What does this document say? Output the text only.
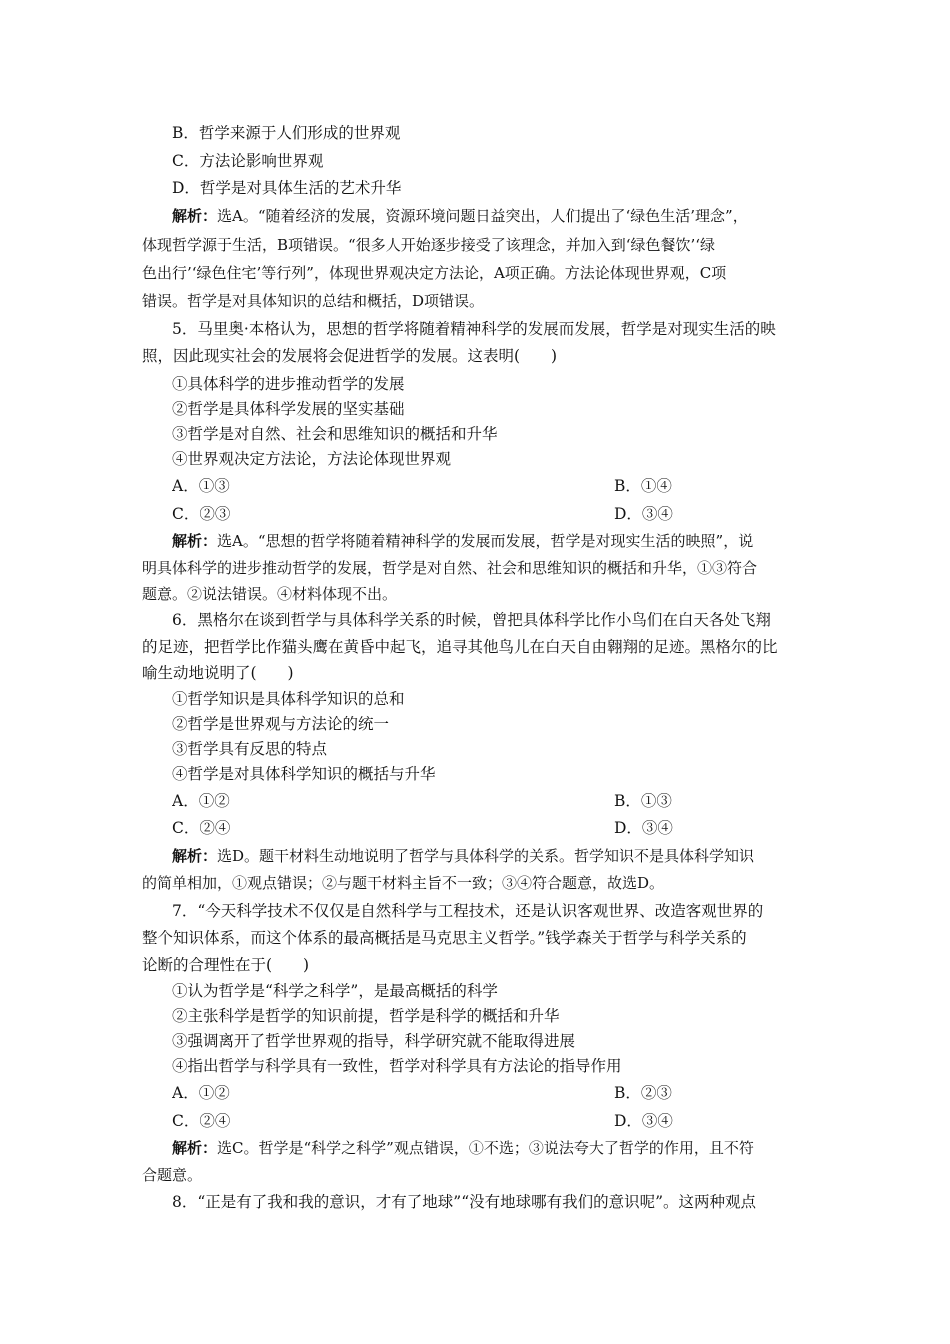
B．哲学来源于人们形成的世界观
C．方法论影响世界观
D．哲学是对具体生活的艺术升华
解析：选A。“随着经济的发展，资源环境问题日益突出，人们提出了‘绿色生活’理念”，
体现哲学源于生活，B项错误。“很多人开始逐步接受了该理念，并加入到‘绿色餐饮’‘绿
色出行’‘绿色住宅’等行列”，体现世界观决定方法论，A项正确。方法论体现世界观，C项
错误。哲学是对具体知识的总结和概括，D项错误。
5．马里奥·本格认为，思想的哲学将随着精神科学的发展而发展，哲学是对现实生活的映
照，因此现实社会的发展将会促进哲学的发展。这表明(　　)
①具体科学的进步推动哲学的发展
②哲学是具体科学发展的坚实基础
③哲学是对自然、社会和思维知识的概括和升华
④世界观决定方法论，方法论体现世界观
A．①③	B．①④
C．②③	D．③④
解析：选A。“思想的哲学将随着精神科学的发展而发展，哲学是对现实生活的映照”，说
明具体科学的进步推动哲学的发展，哲学是对自然、社会和思维知识的概括和升华，①③符合
题意。②说法错误。④材料体现不出。
6．黑格尔在谈到哲学与具体科学关系的时候，曾把具体科学比作小鸟们在白天各处飞翔
的足迹，把哲学比作猫头鹰在黄昏中起飞，追寻其他鸟儿在白天自由翱翔的足迹。黑格尔的比
喻生动地说明了(　　)
①哲学知识是具体科学知识的总和
②哲学是世界观与方法论的统一
③哲学具有反思的特点
④哲学是对具体科学知识的概括与升华
A．①②	B．①③
C．②④	D．③④
解析：选D。题干材料生动地说明了哲学与具体科学的关系。哲学知识不是具体科学知识
的简单相加，①观点错误；②与题干材料主旨不一致；③④符合题意，故选D。
7．“今天科学技术不仅仅是自然科学与工程技术，还是认识客观世界、改造客观世界的
整个知识体系，而这个体系的最高概括是马克思主义哲学。”钱学森关于哲学与科学关系的
论断的合理性在于(　　)
①认为哲学是“科学之科学”，是最高概括的科学
②主张科学是哲学的知识前提，哲学是科学的概括和升华
③强调离开了哲学世界观的指导，科学研究就不能取得进展
④指出哲学与科学具有一致性，哲学对科学具有方法论的指导作用
A．①②	B．②③
C．②④	D．③④
解析：选C。哲学是“科学之科学”观点错误，①不选；③说法夸大了哲学的作用，且不符
合题意。
8．“正是有了我和我的意识，才有了地球”“没有地球哪有我们的意识呢”。这两种观点
